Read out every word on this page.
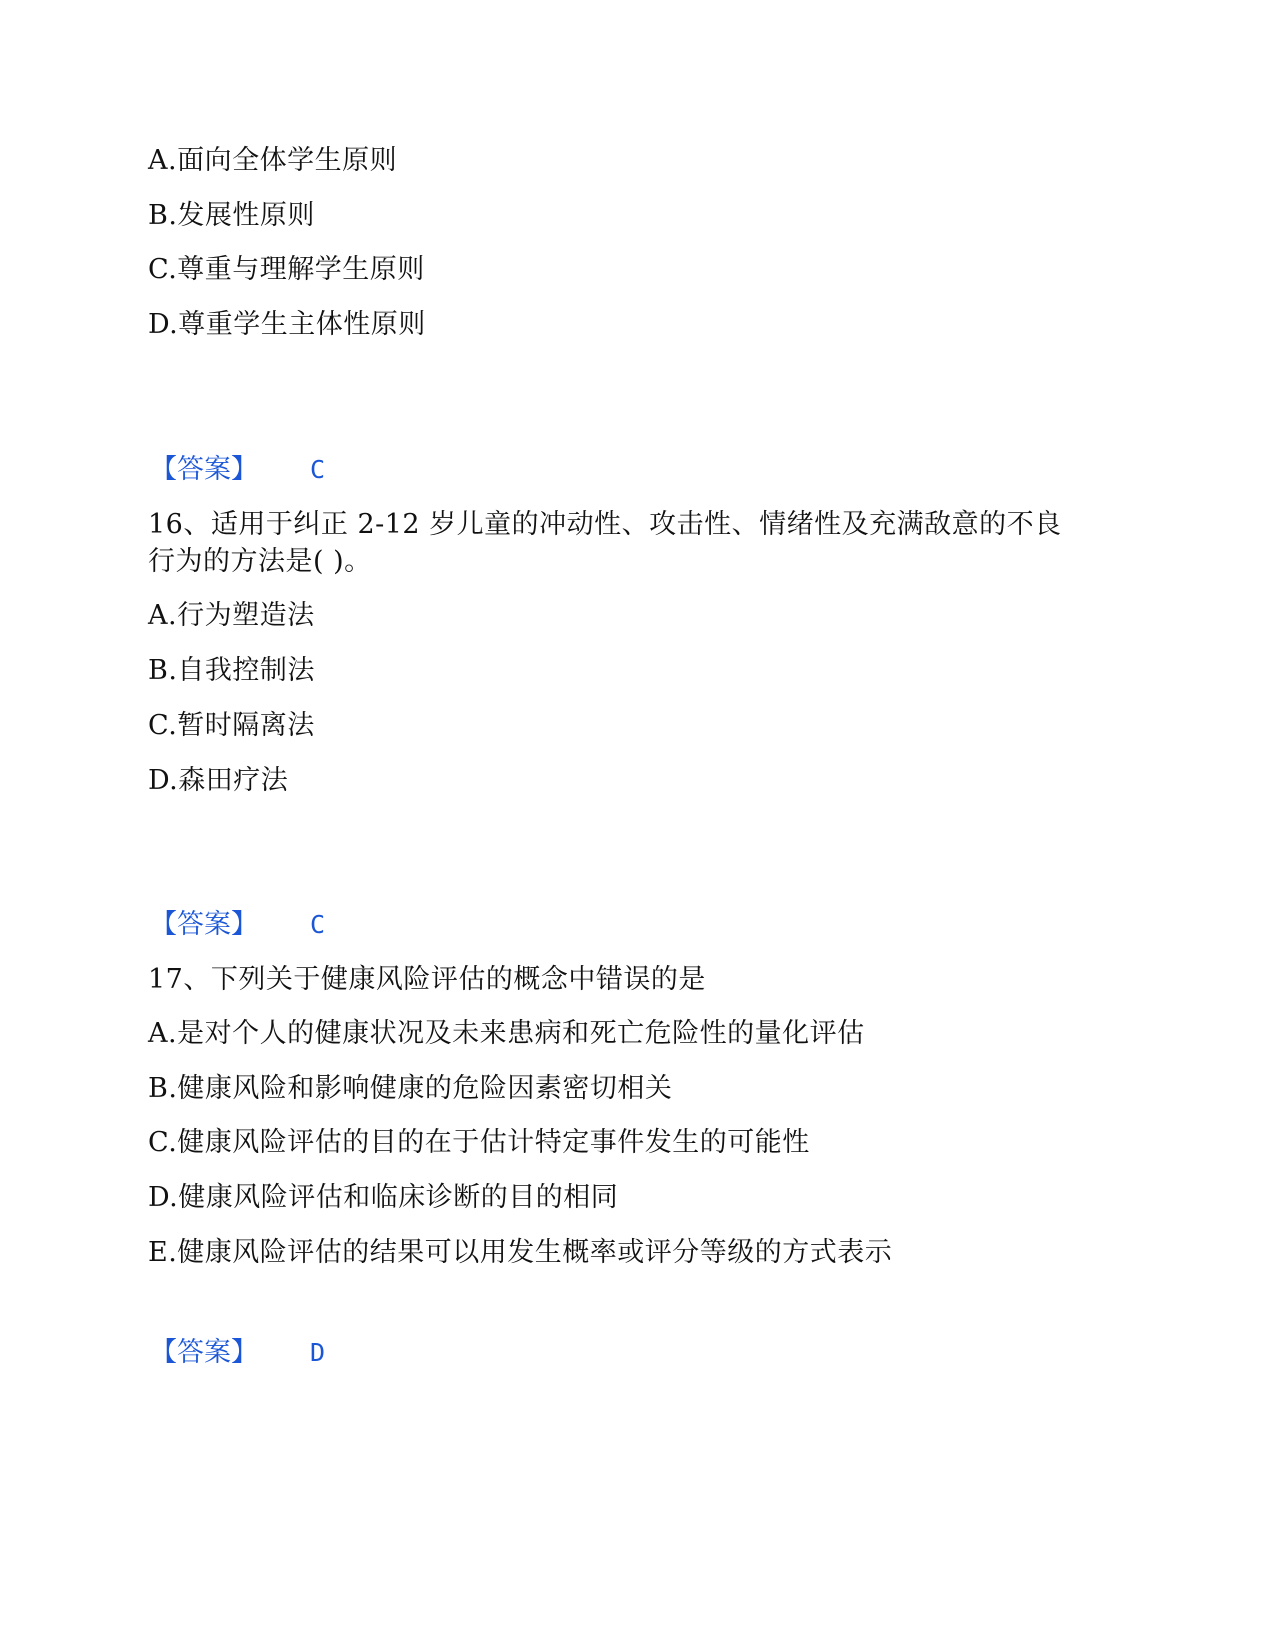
A.面向全体学生原则
B.发展性原则
C.尊重与理解学生原则
D.尊重学生主体性原则
【答案】 C
16、适用于纠正 2-12 岁儿童的冲动性、攻击性、情绪性及充满敌意的不良
行为的方法是( )。
A.行为塑造法
B.自我控制法
C.暂时隔离法
D.森田疗法
【答案】 C
17、下列关于健康风险评估的概念中错误的是
A.是对个人的健康状况及未来患病和死亡危险性的量化评估
B.健康风险和影响健康的危险因素密切相关
C.健康风险评估的目的在于估计特定事件发生的可能性
D.健康风险评估和临床诊断的目的相同
E.健康风险评估的结果可以用发生概率或评分等级的方式表示
【答案】 D
